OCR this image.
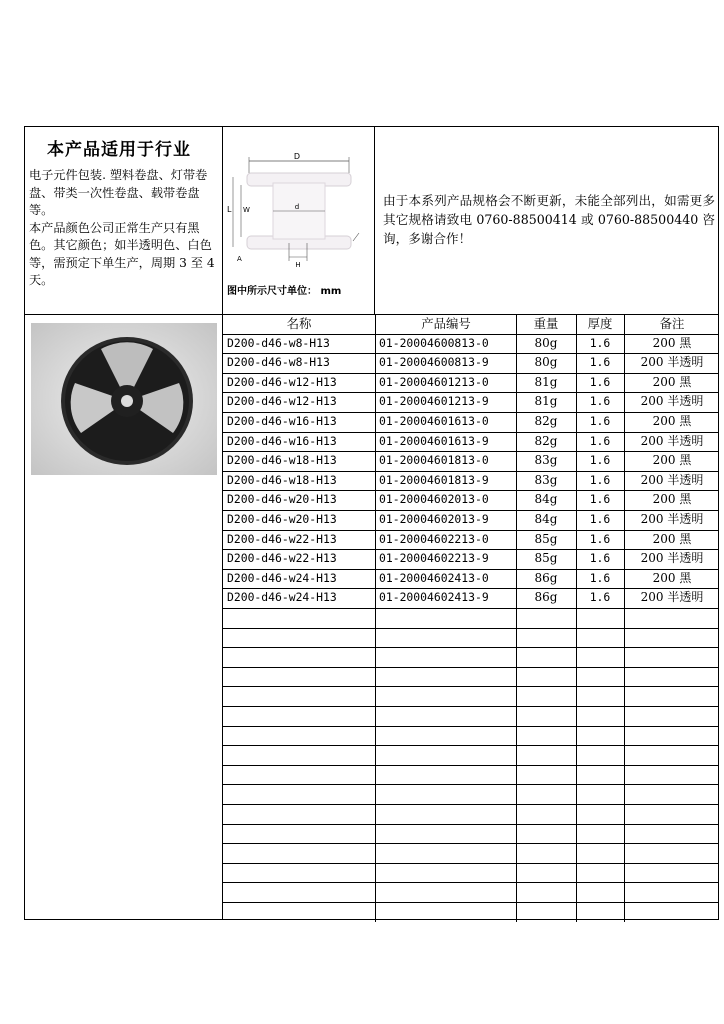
本产品适用于行业

电子元件包装. 塑料卷盘、灯带卷盘、带类一次性卷盘、载带卷盘等。

本产品颜色公司正常生产只有黑色。其它颜色；如半透明色、白色等，需预定下单生产，周期 3 至 4 天。

D
d
L W
A
H
图中所示尺寸单位： mm
由于本系列产品规格会不断更新，未能全部列出，如需更多其它规格请致电 0760-88500414 或 0760-88500440 咨询，多谢合作！
名称	产品编号	重量	厚度	备注
D200-d46-w8-H13	01-20004600813-0	80g	1.6	200 黑
D200-d46-w8-H13	01-20004600813-9	80g	1.6	200 半透明
D200-d46-w12-H13	01-20004601213-0	81g	1.6	200 黑
D200-d46-w12-H13	01-20004601213-9	81g	1.6	200 半透明
D200-d46-w16-H13	01-20004601613-0	82g	1.6	200 黑
D200-d46-w16-H13	01-20004601613-9	82g	1.6	200 半透明
D200-d46-w18-H13	01-20004601813-0	83g	1.6	200 黑
D200-d46-w18-H13	01-20004601813-9	83g	1.6	200 半透明
D200-d46-w20-H13	01-20004602013-0	84g	1.6	200 黑
D200-d46-w20-H13	01-20004602013-9	84g	1.6	200 半透明
D200-d46-w22-H13	01-20004602213-0	85g	1.6	200 黑
D200-d46-w22-H13	01-20004602213-9	85g	1.6	200 半透明
D200-d46-w24-H13	01-20004602413-0	86g	1.6	200 黑
D200-d46-w24-H13	01-20004602413-9	86g	1.6	200 半透明
